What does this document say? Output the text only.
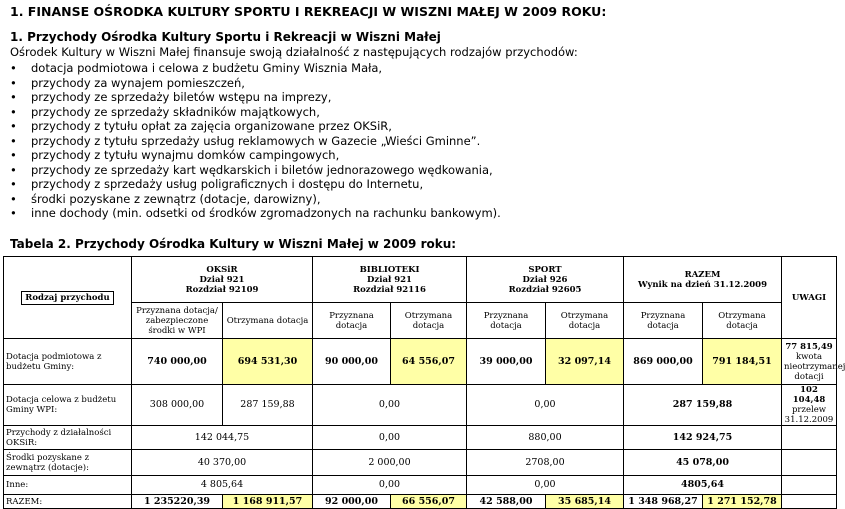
1. FINANSE OŚRODKA KULTURY SPORTU I REKREACJI W WISZNI MAŁEJ W 2009 ROKU:
1. Przychody Ośrodka Kultury Sportu i Rekreacji w Wiszni Małej
Ośrodek Kultury w Wiszni Małej finansuje swoją działalność z następujących rodzajów przychodów:
• dotacja podmiotowa i celowa z budżetu Gminy Wisznia Mała,
• przychody za wynajem pomieszczeń,
• przychody ze sprzedaży biletów wstępu na imprezy,
• przychody ze sprzedaży składników majątkowych,
• przychody z tytułu opłat za zajęcia organizowane przez OKSiR,
• przychody z tytułu sprzedaży usług reklamowych w Gazecie „Wieści Gminne”.
• przychody z tytułu wynajmu domków campingowych,
• przychody ze sprzedaży kart wędkarskich i biletów jednorazowego wędkowania,
• przychody z sprzedaży usług poligraficznych i dostępu do Internetu,
• środki pozyskane z zewnątrz (dotacje, darowizny),
• inne dochody (min. odsetki od środków zgromadzonych na rachunku bankowym).
Tabela 2. Przychody Ośrodka Kultury w Wiszni Małej w 2009 roku:
Rodzaj przychodu	OKSiR
Dział 921
Rozdział 92109		BIBLIOTEKI
Dział 921
Rozdział 92116		SPORT
Dział 926
Rozdział 92605		RAZEM
Wynik na dzień 31.12.2009		UWAGI
	Przyznana dotacja/ zabezpieczone środki w WPI	Otrzymana dotacja	Przyznana dotacja	Otrzymana dotacja	Przyznana dotacja	Otrzymana dotacja	Przyznana dotacja	Otrzymana dotacja	
Dotacja podmiotowa z budżetu Gminy:	740 000,00	694 531,30	90 000,00	64 556,07	39 000,00	32 097,14	869 000,00	791 184,51	77 815,49
kwota
nieotrzymanej
dotacji

Dotacja celowa z budżetu Gminy WPI:	308 000,00	287 159,88	0,00		0,00		287 159,88		102 104,48
przelew
31.12.2009

Przychody z działalności OKSiR:	142 044,75		0,00		880,00		142 924,75		
Środki pozyskane z zewnątrz (dotacje):	40 370,00		2 000,00		2708,00		45 078,00		
Inne:	4 805,64		0,00		0,00		4805,64		
RAZEM:	1 235220,39	1 168 911,57	92 000,00	66 556,07	42 588,00	35 685,14	1 348 968,27	1 271 152,78	
